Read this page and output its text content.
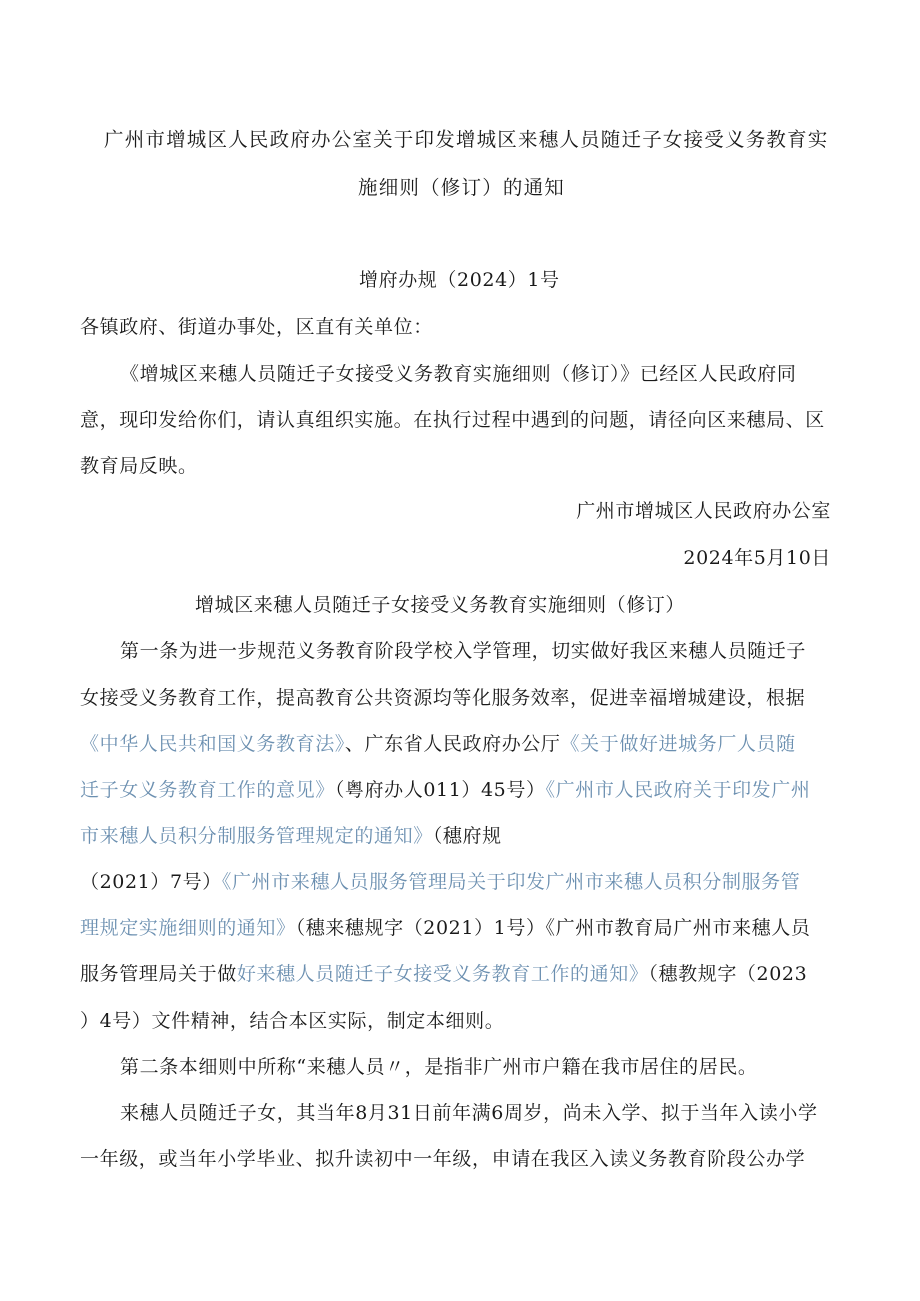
广州市增城区人民政府办公室关于印发增城区来穗人员随迁子女接受义务教育实
施细则（修订）的通知
增府办规（2024）1号
各镇政府、街道办事处，区直有关单位：
《增城区来穗人员随迁子女接受义务教育实施细则（修订）》已经区人民政府同
意，现印发给你们，请认真组织实施。在执行过程中遇到的问题，请径向区来穗局、区
教育局反映。
广州市增城区人民政府办公室
2024年5月10日
增城区来穗人员随迁子女接受义务教育实施细则（修订）
第一条为进一步规范义务教育阶段学校入学管理，切实做好我区来穗人员随迁子
女接受义务教育工作，提高教育公共资源均等化服务效率，促进幸福增城建设，根据
《中华人民共和国义务教育法》、广东省人民政府办公厅《关于做好进城务厂人员随
迁子女义务教育工作的意见》（粤府办人011）45号）《广州市人民政府关于印发广州
市来穗人员积分制服务管理规定的通知》（穗府规
（2021）7号）《广州市来穗人员服务管理局关于印发广州市来穗人员积分制服务管
理规定实施细则的通知》（穗来穗规字（2021）1号）《广州市教育局广州市来穗人员
服务管理局关于做好来穗人员随迁子女接受义务教育工作的通知》（穗教规字（2023
）4号）文件精神，结合本区实际，制定本细则。
第二条本细则中所称“来穗人员〃，是指非广州市户籍在我市居住的居民。
来穗人员随迁子女，其当年8月31日前年满6周岁，尚未入学、拟于当年入读小学
一年级，或当年小学毕业、拟升读初中一年级，申请在我区入读义务教育阶段公办学
